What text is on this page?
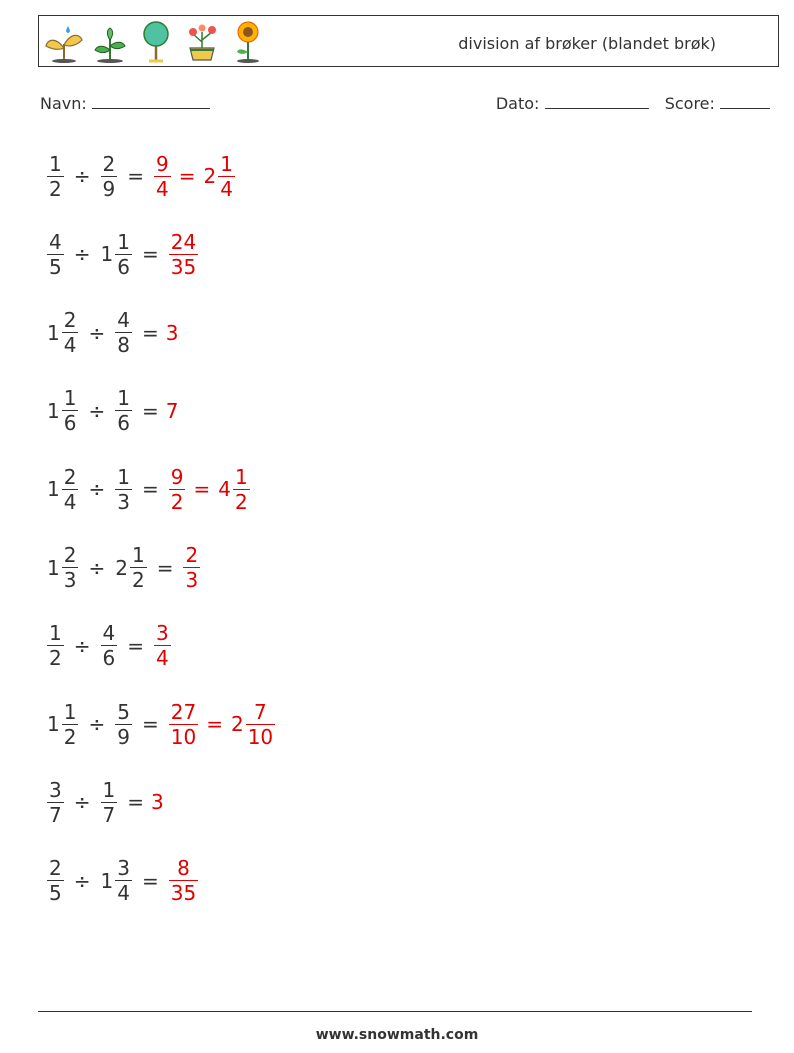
division af brøker (blandet brøk)
Navn:	Dato:	Score:
$\frac{1}{2} \div \frac{2}{9} = \frac{9}{4} = 2 \frac{1}{4}$
$\frac{4}{5} \div 1 \frac{1}{6} = \frac{24}{35}$
$1 \frac{2}{4} \div \frac{4}{8} = 3$
$1 \frac{1}{6} \div \frac{1}{6} = 7$
$1 \frac{2}{4} \div \frac{1}{3} = \frac{9}{2} = 4 \frac{1}{2}$
$1 \frac{2}{3} \div 2 \frac{1}{2} = \frac{2}{3}$
$\frac{1}{2} \div \frac{4}{6} = \frac{3}{4}$
$1 \frac{1}{2} \div \frac{5}{9} = \frac{27}{10} = 2 \frac{7}{10}$
$\frac{3}{7} \div \frac{1}{7} = 3$
$\frac{2}{5} \div 1 \frac{3}{4} = \frac{8}{35}$
www.snowmath.com
